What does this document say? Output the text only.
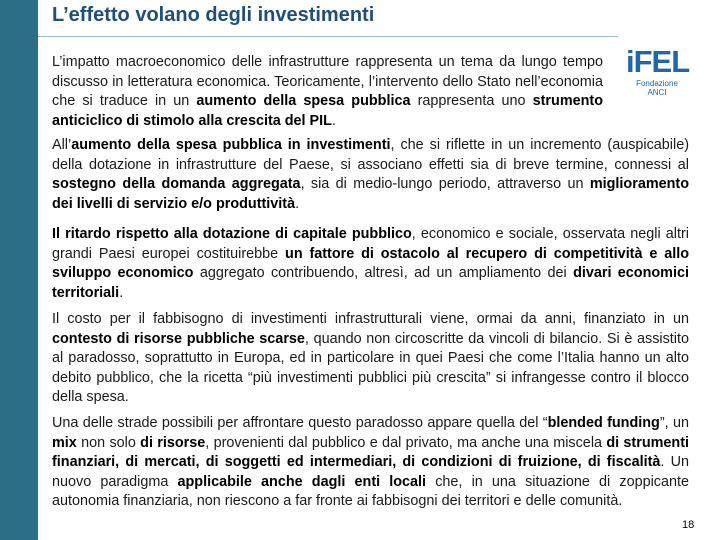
L’effetto volano degli investimenti
iFEL
Fondazione ANCI

L’impatto macroeconomico delle infrastrutture rappresenta un tema da lungo tempo discusso in letteratura economica. Teoricamente, l’intervento dello Stato nell’economia che si traduce in un aumento della spesa pubblica rappresenta uno strumento anticiclico di stimolo alla crescita del PIL.

All’aumento della spesa pubblica in investimenti, che si riflette in un incremento (auspicabile) della dotazione in infrastrutture del Paese, si associano effetti sia di breve termine, connessi al sostegno della domanda aggregata, sia di medio-lungo periodo, attraverso un miglioramento dei livelli di servizio e/o produttività.

Il ritardo rispetto alla dotazione di capitale pubblico, economico e sociale, osservata negli altri grandi Paesi europei costituirebbe un fattore di ostacolo al recupero di competitività e allo sviluppo economico aggregato contribuendo, altresì, ad un ampliamento dei divari economici territoriali.

Il costo per il fabbisogno di investimenti infrastrutturali viene, ormai da anni, finanziato in un contesto di risorse pubbliche scarse, quando non circoscritte da vincoli di bilancio. Si è assistito al paradosso, soprattutto in Europa, ed in particolare in quei Paesi che come l’Italia hanno un alto debito pubblico, che la ricetta “più investimenti pubblici più crescita” si infrangesse contro il blocco della spesa.

Una delle strade possibili per affrontare questo paradosso appare quella del “blended funding”, un mix non solo di risorse, provenienti dal pubblico e dal privato, ma anche una miscela di strumenti finanziari, di mercati, di soggetti ed intermediari, di condizioni di fruizione, di fiscalità. Un nuovo paradigma applicabile anche dagli enti locali che, in una situazione di zoppicante autonomia finanziaria, non riescono a far fronte ai fabbisogni dei territori e delle comunità.

18
